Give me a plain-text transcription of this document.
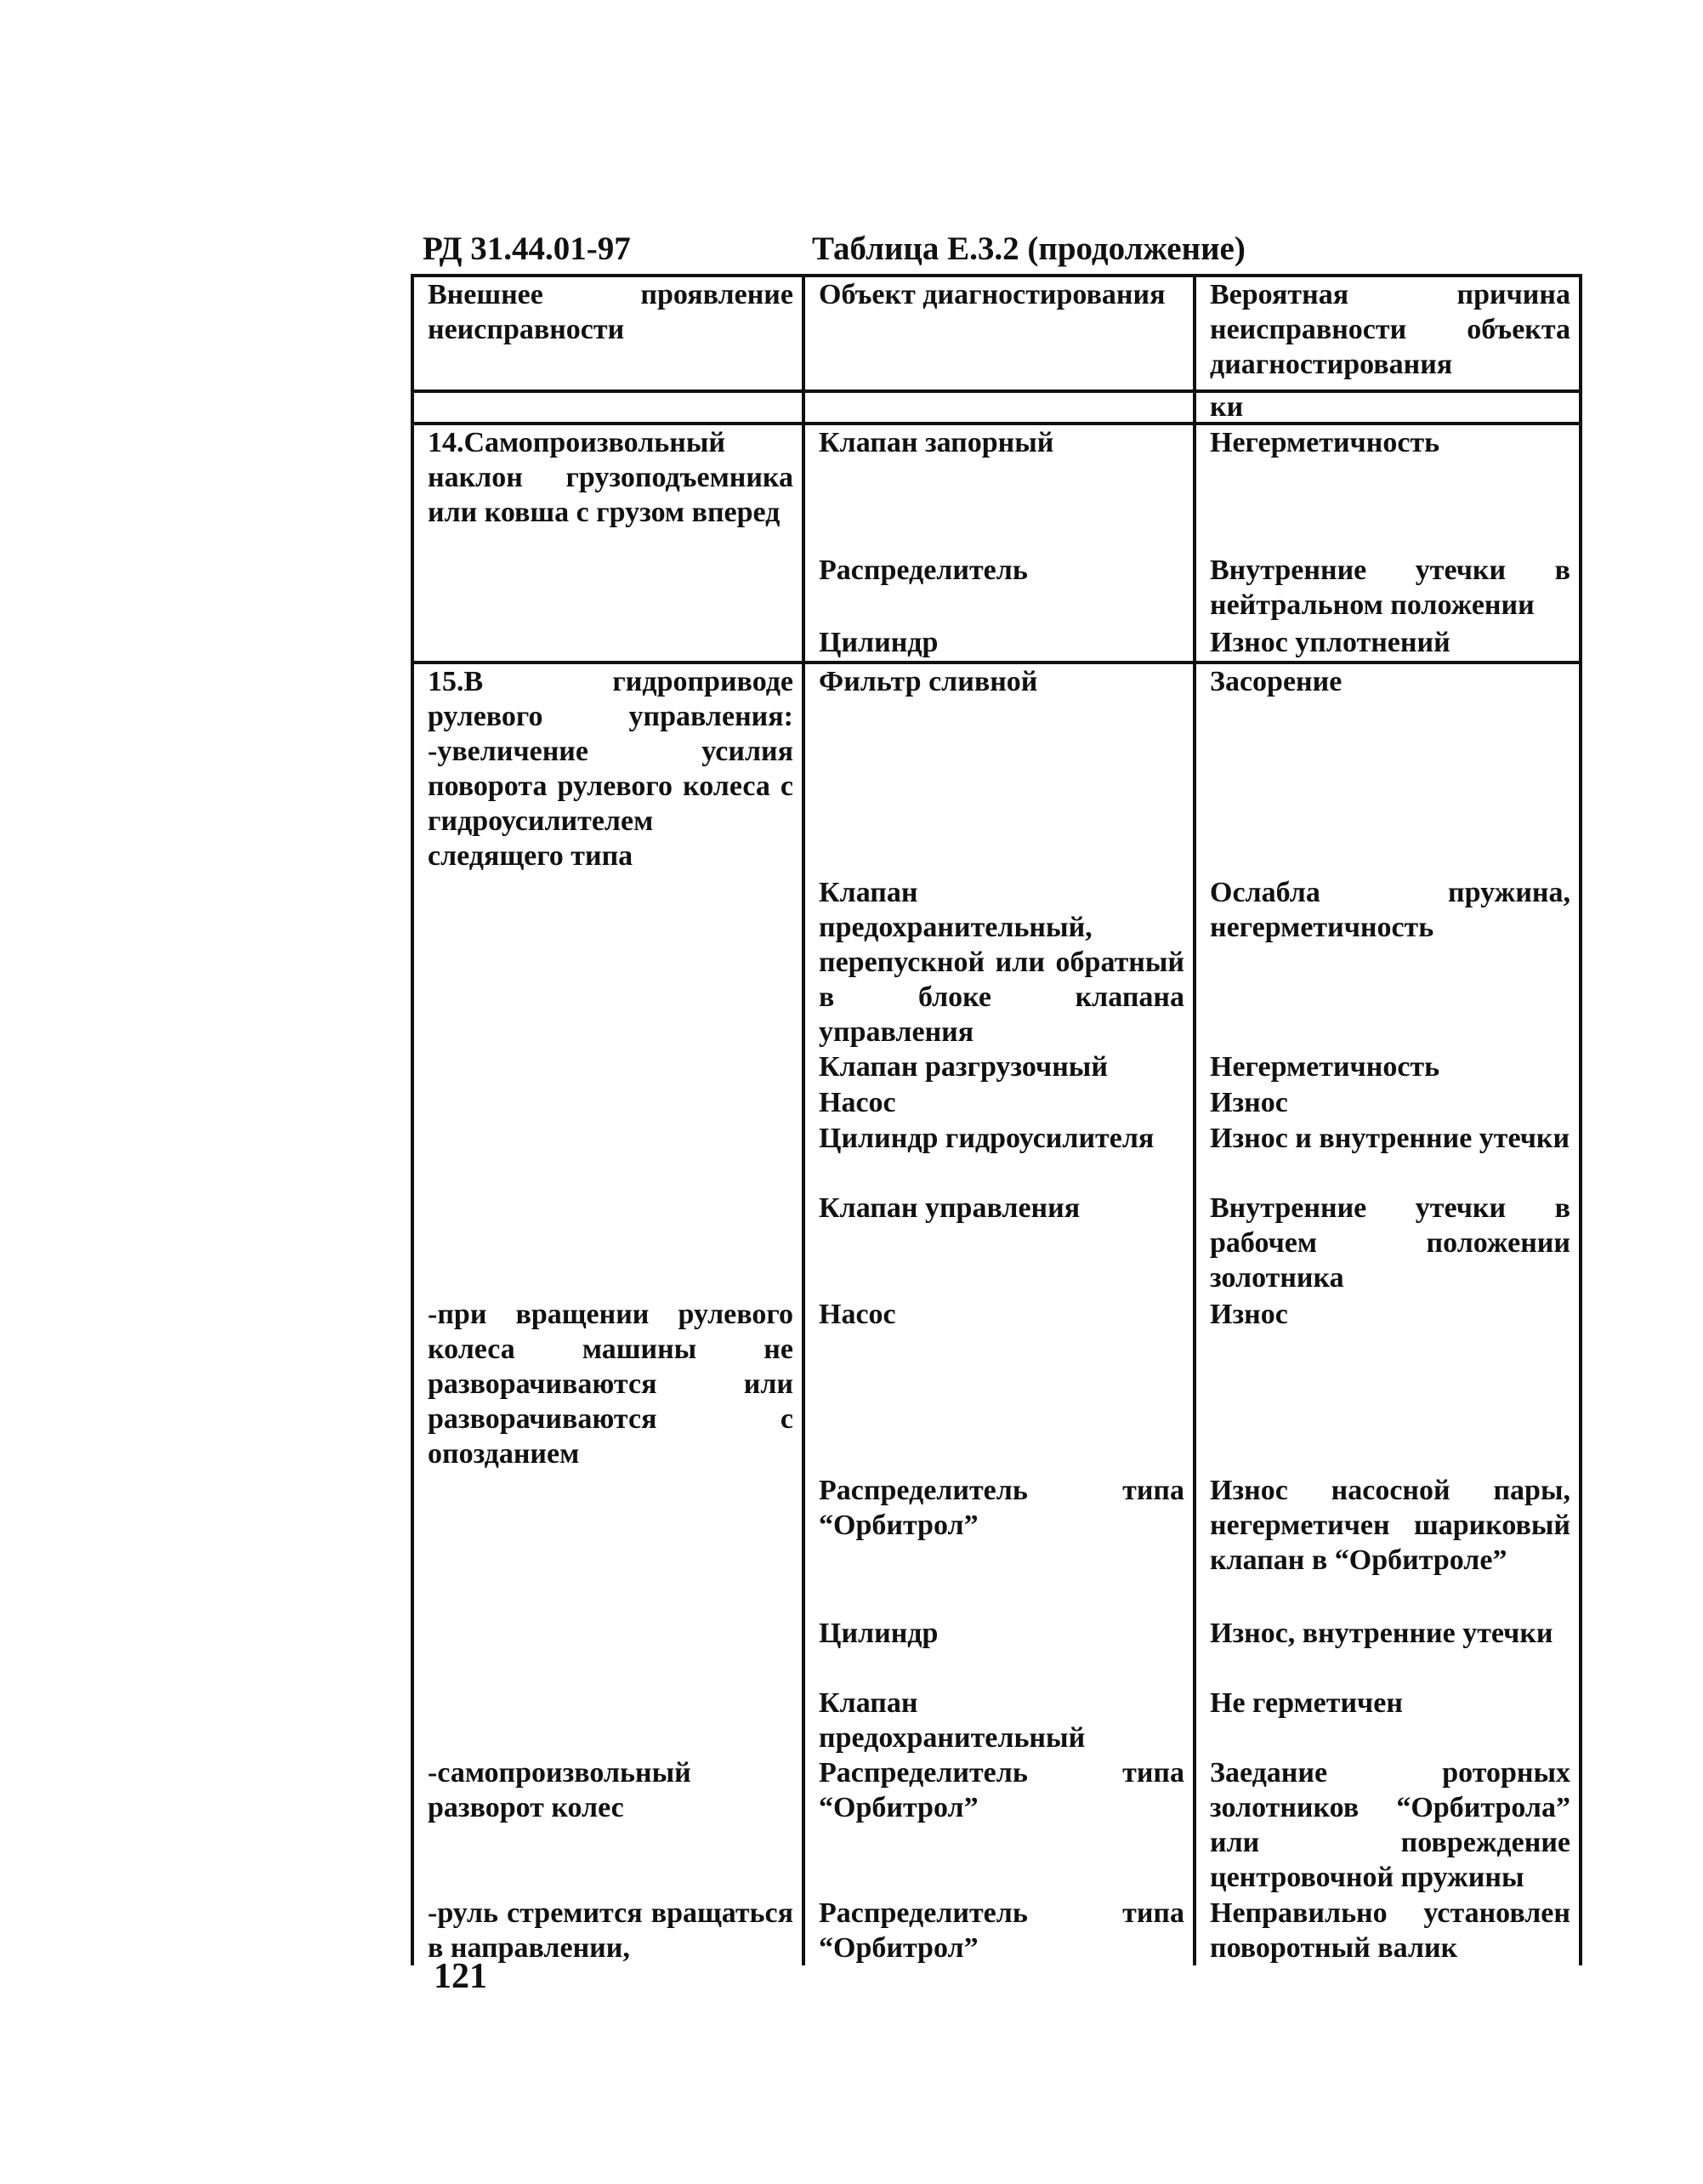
РД 31.44.01-97	Таблица Е.3.2 (продолжение)
Внешнее проявление неисправности	Объект диагностирования	Вероятная причина неисправности объекта диагностирования
		ки
14.Самопроизвольный наклон грузоподъемника или ковша с грузом вперед	Клапан запорный	Негерметичность
	Распределитель	Внутренние утечки в нейтральном положении
	Цилиндр	Износ уплотнений
15.В гидроприводе рулевого управления: -увеличение усилия поворота рулевого колеса с гидроусилителем следящего типа	Фильтр сливной	Засорение
	Клапан предохранительный, перепускной или обратный в блоке клапана управления	Ослабла пружина, негерметичность
	Клапан разгрузочный	Негерметичность
	Насос	Износ
	Цилиндр гидроусилителя	Износ и внутренние утечки
	Клапан управления	Внутренние утечки в рабочем положении золотника
-при вращении рулевого колеса машины не разворачиваются или разворачиваются с опозданием	Насос	Износ
	Распределитель типа “Орбитрол”	Износ насосной пары, негерметичен шариковый клапан в “Орбитроле”
	Цилиндр	Износ, внутренние утечки
	Клапан предохранительный	Не герметичен
-самопроизвольный разворот колес	Распределитель типа “Орбитрол”	Заедание роторных золотников “Орбитрола” или повреждение центровочной пружины
-руль стремится вращаться в направлении,	Распределитель типа “Орбитрол”	Неправильно установлен поворотный валик
121
